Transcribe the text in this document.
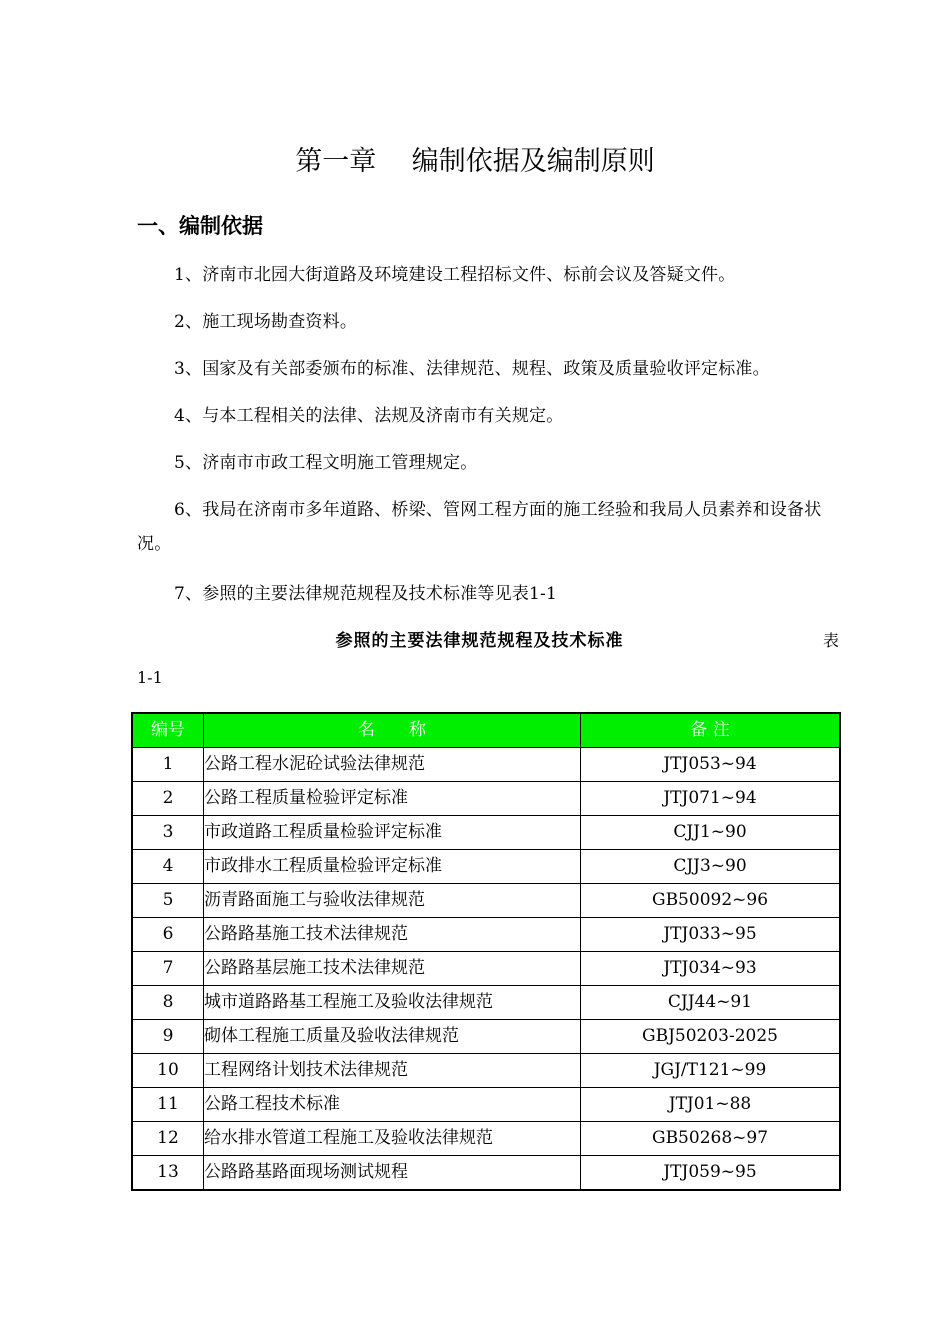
第一章　 编制依据及编制原则
一、编制依据
1、济南市北园大街道路及环境建设工程招标文件、标前会议及答疑文件。
2、施工现场勘查资料。
3、国家及有关部委颁布的标准、法律规范、规程、政策及质量验收评定标准。
4、与本工程相关的法律、法规及济南市有关规定。
5、济南市市政工程文明施工管理规定。
6、我局在济南市多年道路、桥梁、管网工程方面的施工经验和我局人员素养和设备状况。
7、参照的主要法律规范规程及技术标准等见表1-1
参照的主要法律规范规程及技术标准	表
1-1
编号	名　　称	备 注
1	公路工程水泥砼试验法律规范	JTJ053~94
2	公路工程质量检验评定标准	JTJ071~94
3	市政道路工程质量检验评定标准	CJJ1~90
4	市政排水工程质量检验评定标准	CJJ3~90
5	沥青路面施工与验收法律规范	GB50092~96
6	公路路基施工技术法律规范	JTJ033~95
7	公路路基层施工技术法律规范	JTJ034~93
8	城市道路路基工程施工及验收法律规范	CJJ44~91
9	砌体工程施工质量及验收法律规范	GBJ50203-2025
10	工程网络计划技术法律规范	JGJ/T121~99
11	公路工程技术标准	JTJ01~88
12	给水排水管道工程施工及验收法律规范	GB50268~97
13	公路路基路面现场测试规程	JTJ059~95
